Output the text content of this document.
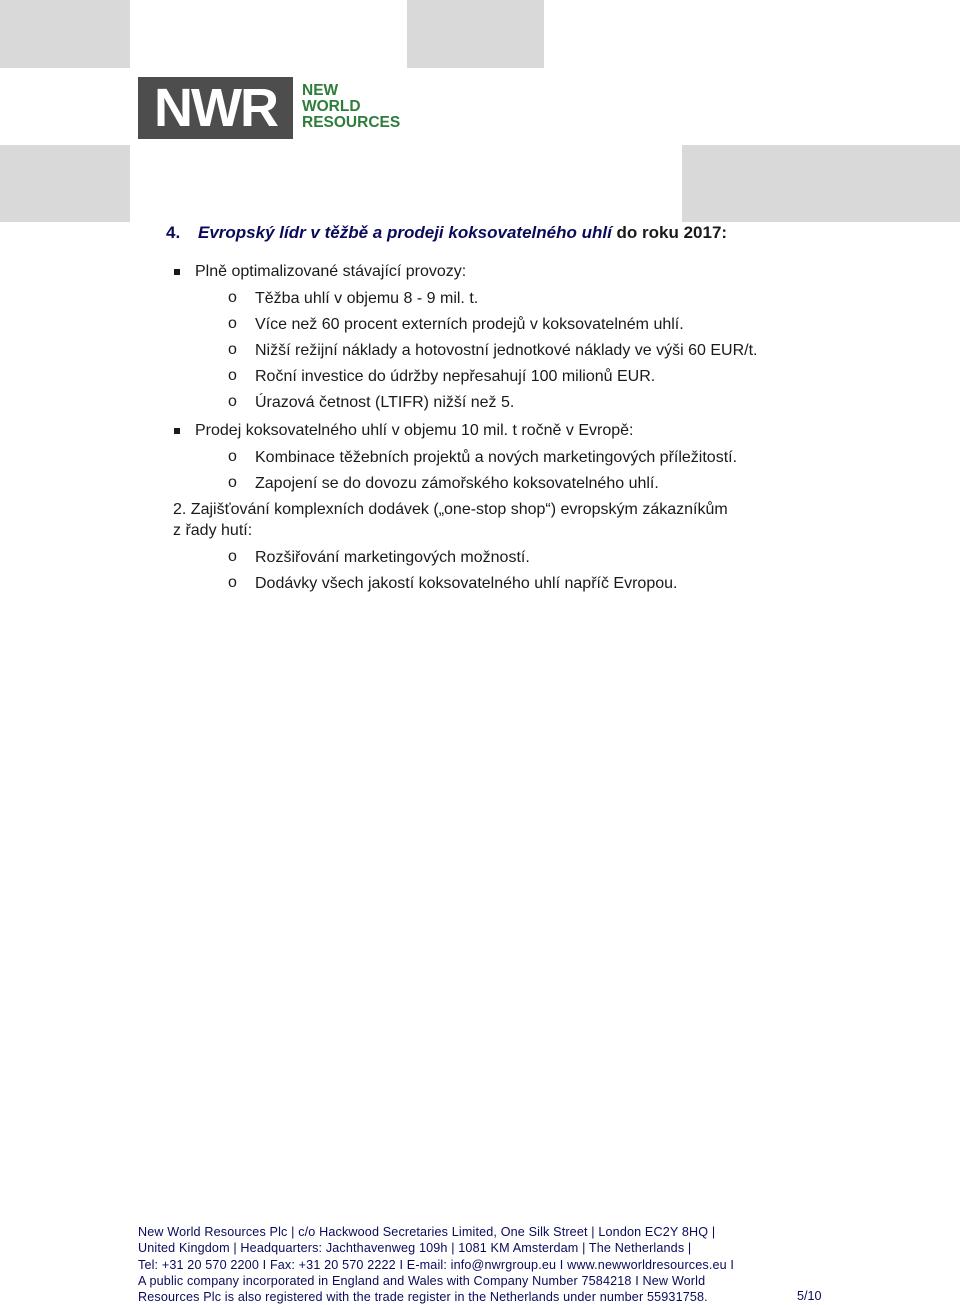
NWR	NEW
WORLD
RESOURCES
4. Evropský lídr v těžbě a prodeji koksovatelného uhlí do roku 2017:
Plně optimalizované stávající provozy:
o Těžba uhlí v objemu 8 - 9 mil. t.
o Více než 60 procent externích prodejů v koksovatelném uhlí.
o Nižší režijní náklady a hotovostní jednotkové náklady ve výši 60 EUR/t.
o Roční investice do údržby nepřesahují 100 milionů EUR.
o Úrazová četnost (LTIFR) nižší než 5.
Prodej koksovatelného uhlí v objemu 10 mil. t ročně v Evropě:
o Kombinace těžebních projektů a nových marketingových příležitostí.
o Zapojení se do dovozu zámořského koksovatelného uhlí.
2. Zajišťování komplexních dodávek („one-stop shop“) evropským zákazníkům
z řady hutí:
o Rozšiřování marketingových možností.
o Dodávky všech jakostí koksovatelného uhlí napříč Evropou.
New World Resources Plc | c/o Hackwood Secretaries Limited, One Silk Street | London EC2Y 8HQ |
United Kingdom | Headquarters: Jachthavenweg 109h | 1081 KM Amsterdam | The Netherlands |
Tel: +31 20 570 2200 I Fax: +31 20 570 2222 I E-mail: info@nwrgroup.eu I www.newworldresources.eu I
A public company incorporated in England and Wales with Company Number 7584218 I New World
Resources Plc is also registered with the trade register in the Netherlands under number 55931758.	5/10
